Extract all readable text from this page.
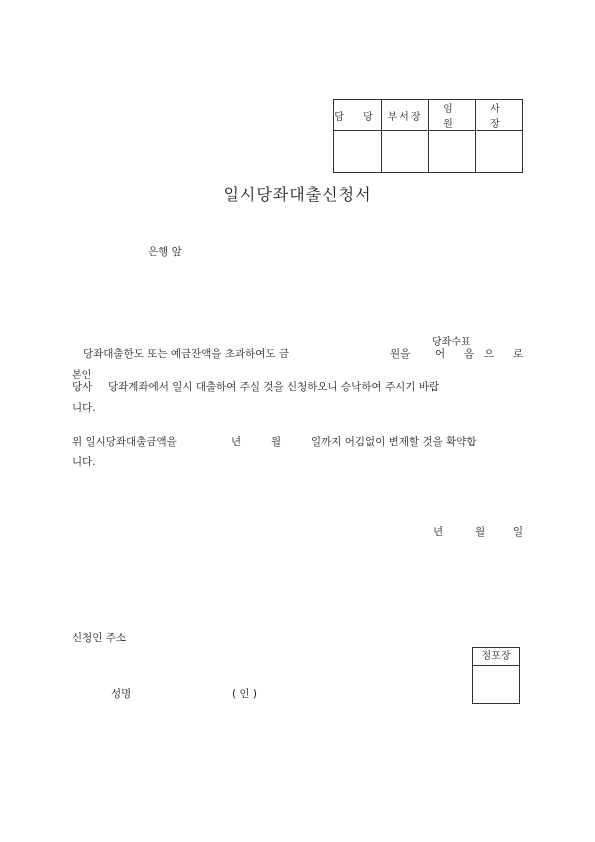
담 당	부서장	임 원	사 장

일시당좌대출신청서
은행 앞
당좌수표
당좌대출한도 또는 예금잔액을 초과하여도 금	원을 어 음 으 로
본인
당사 당좌계좌에서 일시 대출하여 주실 것을 신청하오니 승낙하여 주시기 바랍
니다.
위 일시당좌대출금액을	년	월	일까지 어김없이 변제할 것을 확약합
니다.
년	월	일
신청인 주소
성명	( 인 )
점포장
